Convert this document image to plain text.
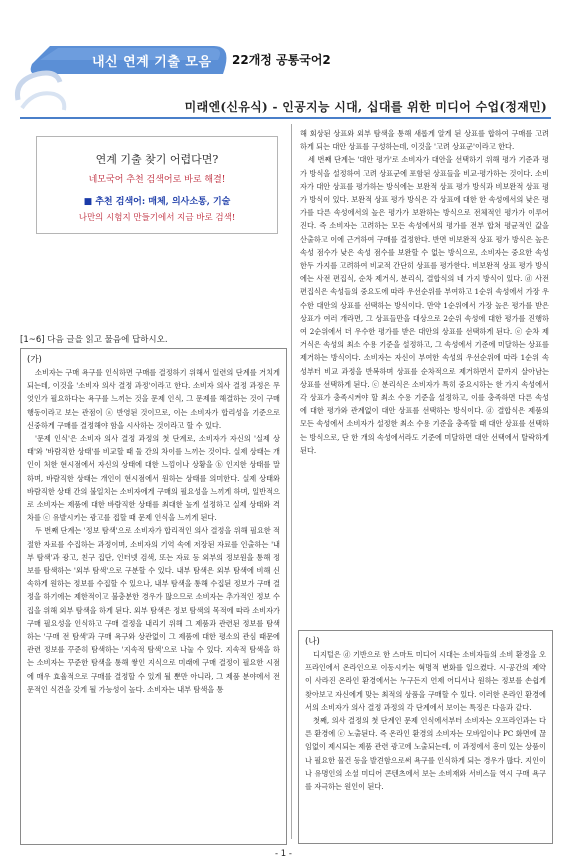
내신 연계 기출 모음 22개정 공통국어2
미래엔(신유식) - 인공지능 시대, 십대를 위한 미디어 수업(정재민)
연계 기출 찾기 어렵다면?
네모국어 추천 검색어로 바로 해결!
■ 추천 검색어: 매체, 의사소통, 기술
나만의 시험지 만들기에서 지금 바로 검색!
[1~6] 다음 글을 읽고 물음에 답하시오.
(가)

소비자는 구매 욕구를 인식하면 구매를 결정하기 위해서 일련의 단계를 거치게 되는데, 이것을 '소비자 의사 결정 과정'이라고 한다. 소비자 의사 결정 과정은 무엇인가 필요하다는 욕구를 느끼는 것을 문제 인식, 그 문제를 해결하는 것이 구매 행동이라고 보는 관점이 ⓐ 반영된 것이므로, 이는 소비자가 합리성을 기준으로 신중하게 구매를 결정해야 함을 시사하는 것이라고 할 수 있다.

'문제 인식'은 소비자 의사 결정 과정의 첫 단계로, 소비자가 자신의 '실제 상태'와 '바람직한 상태'를 비교할 때 둘 간의 차이를 느끼는 것이다. 실제 상태는 개인이 처한 현시점에서 자신의 상태에 대한 느낌이나 상황을 ⓑ 인지한 상태를 말하며, 바람직한 상태는 개인이 현시점에서 원하는 상태를 의미한다. 실제 상태와 바람직한 상태 간의 불일치는 소비자에게 구매의 필요성을 느끼게 하며, 일반적으로 소비자는 제품에 대한 바람직한 상태를 최대한 높게 설정하고 실제 상태와 격차를 ⓒ 유발시키는 광고를 접할 때 문제 인식을 느끼게 된다.

두 번째 단계는 '정보 탐색'으로 소비자가 합리적인 의사 결정을 위해 필요한 적절한 자료를 수집하는 과정이며, 소비자의 기억 속에 저장된 자료를 인출하는 '내부 탐색'과 광고, 친구 집단, 인터넷 검색, 또는 자료 등 외부의 정보원을 통해 정보를 탐색하는 '외부 탐색'으로 구분할 수 있다. 내부 탐색은 외부 탐색에 비해 신속하게 원하는 정보를 수집할 수 있으나, 내부 탐색을 통해 수집된 정보가 구매 결정을 하기에는 제한적이고 불충분한 경우가 많으므로 소비자는 추가적인 정보 수집을 위해 외부 탐색을 하게 된다. 외부 탐색은 정보 탐색의 목적에 따라 소비자가 구매 필요성을 인식하고 구매 결정을 내리기 위해 그 제품과 관련된 정보를 탐색하는 '구매 전 탐색'과 구매 욕구와 상관없이 그 제품에 대한 평소의 관심 때문에 관련 정보를 꾸준히 탐색하는 '지속적 탐색'으로 나눌 수 있다. 지속적 탐색을 하는 소비자는 꾸준한 탐색을 통해 쌓인 지식으로 미래에 구매 결정이 필요한 시점에 매우 효율적으로 구매를 결정할 수 있게 될 뿐만 아니라, 그 제품 분야에서 전문적인 식견을 갖게 될 가능성이 높다. 소비자는 내부 탐색을 통

해 회상된 상표와 외부 탐색을 통해 새롭게 알게 된 상표를 합하여 구매를 고려하게 되는 대안 상표를 구성하는데, 이것을 '고려 상표군'이라고 한다.

세 번째 단계는 '대안 평가'로 소비자가 대안을 선택하기 위해 평가 기준과 평가 방식을 설정하여 고려 상표군에 포함된 상표들을 비교·평가하는 것이다. 소비자가 대안 상표를 평가하는 방식에는 보완적 상표 평가 방식과 비보완적 상표 평가 방식이 있다. 보완적 상표 평가 방식은 각 상표에 대한 한 속성에서의 낮은 평가를 다른 속성에서의 높은 평가가 보완하는 방식으로 전체적인 평가가 이루어진다. 즉 소비자는 고려하는 모든 속성에서의 평가를 전부 합쳐 평균적인 값을 산출하고 이에 근거하여 구매를 결정한다. 반면 비보완적 상표 평가 방식은 높은 속성 점수가 낮은 속성 점수를 보완할 수 없는 방식으로, 소비자는 중요한 속성 한두 가지를 고려하여 비교적 간단히 상표를 평가한다. 비보완적 상표 평가 방식에는 사전 편집식, 순차 제거식, 분리식, 결합식의 네 가지 방식이 있다. ⓓ 사전 편집식은 속성들의 중요도에 따라 우선순위를 부여하고 1순위 속성에서 가장 우수한 대안의 상표를 선택하는 방식이다. 만약 1순위에서 가장 높은 평가를 받은 상표가 여러 개라면, 그 상표들만을 대상으로 2순위 속성에 대한 평가를 진행하여 2순위에서 더 우수한 평가를 받은 대안의 상표를 선택하게 된다. ⓔ 순차 제거식은 속성의 최소 수용 기준을 설정하고, 그 속성에서 기준에 미달하는 상표를 제거하는 방식이다. 소비자는 자신이 부여한 속성의 우선순위에 따라 1순위 속성부터 비교 과정을 반복하며 상표를 순차적으로 제거하면서 끝까지 살아남는 상표를 선택하게 된다. ⓒ 분리식은 소비자가 특히 중요시하는 한 가지 속성에서 각 상표가 충족시켜야 할 최소 수용 기준을 설정하고, 이를 충족하면 다른 속성에 대한 평가와 관계없이 대안 상표를 선택하는 방식이다. ⓓ 결합식은 제품의 모든 속성에서 소비자가 설정한 최소 수용 기준을 충족할 때 대안 상표를 선택하는 방식으로, 단 한 개의 속성에서라도 기준에 미달하면 대안 선택에서 탈락하게 된다.

(나)

디지털은 ⓓ 기반으로 한 스마트 미디어 시대는 소비자들의 소비 환경을 오프라인에서 온라인으로 이동시키는 혁명적 변화를 일으켰다. 시·공간의 제약이 사라진 온라인 환경에서는 누구든지 언제 어디서나 원하는 정보를 손쉽게 찾아보고 자신에게 맞는 최적의 상품을 구매할 수 있다. 이러한 온라인 환경에서의 소비자가 의사 결정 과정의 각 단계에서 보이는 특징은 다음과 같다.

첫째, 의사 결정의 첫 단계인 문제 인식에서부터 소비자는 오프라인과는 다른 환경에 ⓔ 노출된다. 즉 온라인 환경의 소비자는 모바일이나 PC 화면에 끊임없이 제시되는 제품 관련 광고에 노출되는데, 이 과정에서 흥미 있는 상품이나 필요한 물건 등을 발견함으로써 욕구를 인식하게 되는 경우가 많다. 지인이나 유명인의 소셜 미디어 콘텐츠에서 보는 소비재와 서비스들 역시 구매 욕구를 자극하는 원인이 된다.

- 1 -
